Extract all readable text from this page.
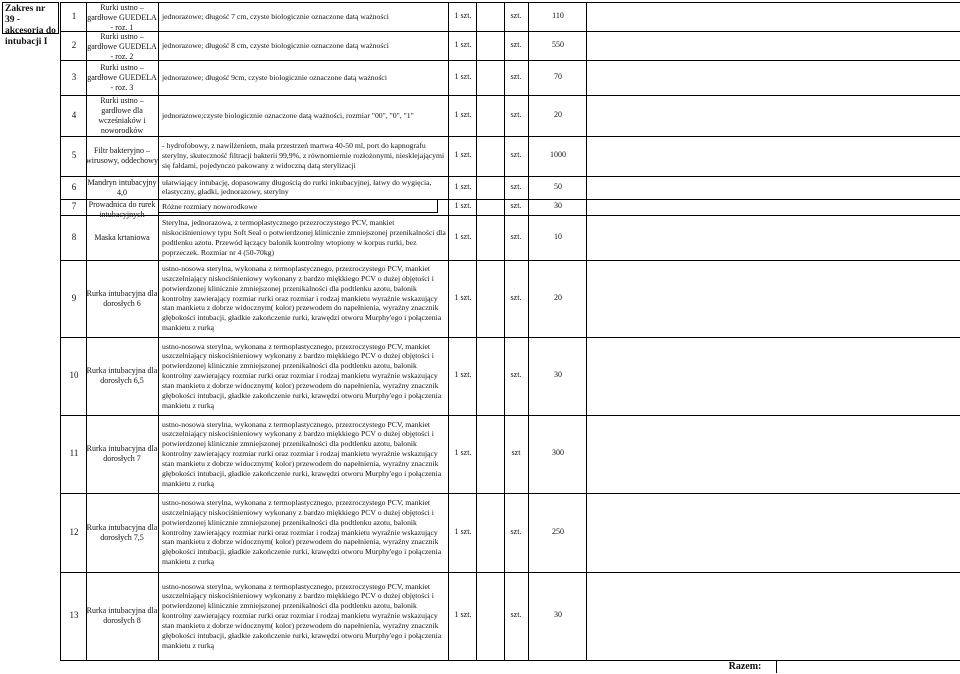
Zakres nr 39 - akcesoria do intubacji I
1
Rurki ustno – gardłowe GUEDELA - roz. 1
jednorazowe; długość 7 cm, czyste biologicznie oznaczone datą ważności	1 szt.	szt.	110
2
Rurki ustno – gardłowe GUEDELA - roz. 2
jednorazowe; długość 8 cm, czyste biologicznie oznaczone datą ważności	1 szt.	szt.	550
3
Rurki ustno – gardłowe GUEDELA - roz. 3
jednorazowe; długość 9cm, czyste biologicznie oznaczone datą ważności	1 szt.	szt.	70
4
Rurki ustno – gardłowe dla wcześniaków i noworodków
jednorazowe;czyste biologicznie oznaczone datą ważności, rozmiar "00", "0", "1"	1 szt.	szt.	20
5	Filtr bakteryjno – wirusowy, oddechowy
- hydrofobowy, z nawilżeniem, mała przestrzeń martwa 40-50 ml, port do kapnografu sterylny, skuteczność filtracji bakterii 99,9%, z równomiernie rozłożonymi, niesklejającymi się fałdami, pojedynczo pakowany z widoczną datą sterylizacji
1 szt.	szt.	1000
6	Mandryn intubacyjny 4,0
ułatwiający intubację, dopasowany długością do rurki inkubacyjnej, łatwy do wygięcia, elastyczny, gładki, jednorazowy, sterylny
1 szt.	szt.	50
7	Prowadnica do rurek intubacyjnych
Różne rozmiary noworodkowe	1 szt.	szt.	30
8	Maska krtaniowa
Sterylna, jednorazowa, z termoplastycznego przezroczystego PCV, mankiet niskociśnieniowy typu Soft Seal o potwierdzonej klinicznie zmniejszonej przenikalności dla podtlenku azotu. Przewód łączący balonik kontrolny wtopiony w korpus rurki, bez poprzeczek. Rozmiar nr 4 (50-70kg)
1 szt.	szt.	10
9	Rurka intubacyjna dla dorosłych 6
ustno-nosowa sterylna, wykonana z termoplastycznego, przezroczystego PCV, mankiet uszczelniający niskociśnieniowy wykonany z bardzo miękkiego PCV o dużej objętości i potwierdzonej klinicznie zmniejszonej przenikalności dla podtlenku azotu, balonik kontrolny zawierający rozmiar rurki oraz rozmiar i rodzaj mankietu wyraźnie wskazujący stan mankietu z dobrze widocznym( kolor) przewodem do napełnienia, wyraźny znacznik głębokości intubacji, gładkie zakończenie rurki, krawędzi otworu Murphy'ego i połączenia mankietu z rurką
1 szt.	szt.	20
10	Rurka intubacyjna dla dorosłych 6,5
ustno-nosowa sterylna, wykonana z termoplastycznego, przezroczystego PCV, mankiet uszczelniający niskociśnieniowy wykonany z bardzo miękkiego PCV o dużej objętości i potwierdzonej klinicznie zmniejszonej przenikalności dla podtlenku azotu, balonik kontrolny zawierający rozmiar rurki oraz rozmiar i rodzaj mankietu wyraźnie wskazujący stan mankietu z dobrze widocznym( kolor) przewodem do napełnienia, wyraźny znacznik głębokości intubacji, gładkie zakończenie rurki, krawędzi otworu Murphy'ego i połączenia mankietu z rurką
1 szt.	szt.	30
11	Rurka intubacyjna dla dorosłych 7
ustno-nosowa sterylna, wykonana z termoplastycznego, przezroczystego PCV, mankiet uszczelniający niskociśnieniowy wykonany z bardzo miękkiego PCV o dużej objętości i potwierdzonej klinicznie zmniejszonej przenikalności dla podtlenku azotu, balonik kontrolny zawierający rozmiar rurki oraz rozmiar i rodzaj mankietu wyraźnie wskazujący stan mankietu z dobrze widocznym( kolor) przewodem do napełnienia, wyraźny znacznik głębokości intubacji, gładkie zakończenie rurki, krawędzi otworu Murphy'ego i połączenia mankietu z rurką
1 szt.	szt	300
12	Rurka intubacyjna dla dorosłych 7,5
ustno-nosowa sterylna, wykonana z termoplastycznego, przezroczystego PCV, mankiet uszczelniający niskociśnieniowy wykonany z bardzo miękkiego PCV o dużej objętości i potwierdzonej klinicznie zmniejszonej przenikalności dla podtlenku azotu, balonik kontrolny zawierający rozmiar rurki oraz rozmiar i rodzaj mankietu wyraźnie wskazujący stan mankietu z dobrze widocznym( kolor) przewodem do napełnienia, wyraźny znacznik głębokości intubacji, gładkie zakończenie rurki, krawędzi otworu Murphy'ego i połączenia mankietu z rurką
1 szt.	szt.	250
13	Rurka intubacyjna dla dorosłych 8
ustno-nosowa sterylna, wykonana z termoplastycznego, przezroczystego PCV, mankiet uszczelniający niskociśnieniowy wykonany z bardzo miękkiego PCV o dużej objętości i potwierdzonej klinicznie zmniejszonej przenikalności dla podtlenku azotu, balonik kontrolny zawierający rozmiar rurki oraz rozmiar i rodzaj mankietu wyraźnie wskazujący stan mankietu z dobrze widocznym( kolor) przewodem do napełnienia, wyraźny znacznik głębokości intubacji, gładkie zakończenie rurki, krawędzi otworu Murphy'ego i połączenia mankietu z rurką
1 szt.	szt.	30
Razem:
